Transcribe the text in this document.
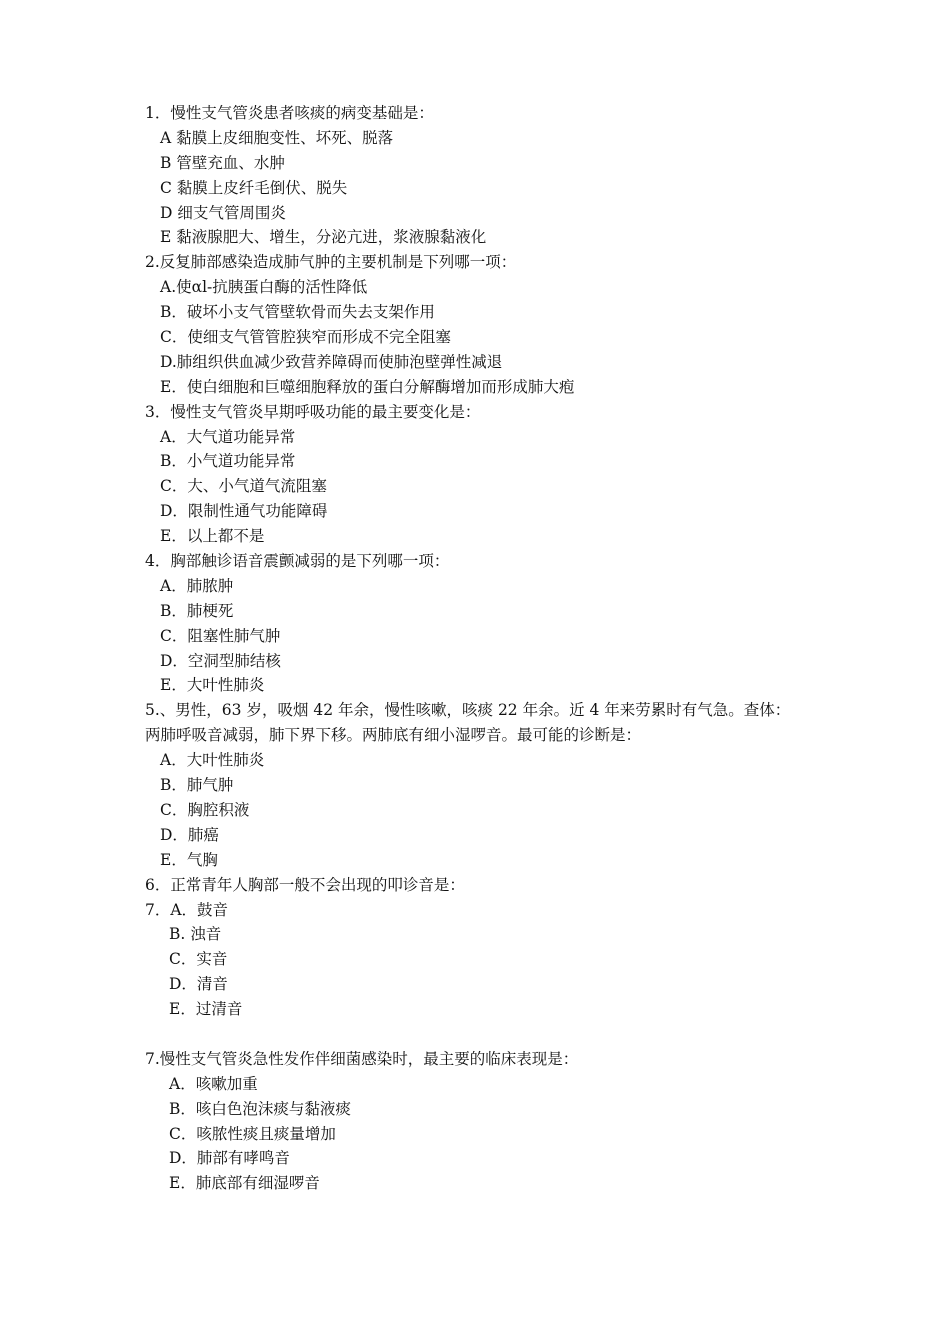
1．慢性支气管炎患者咳痰的病变基础是：
A 黏膜上皮细胞变性、坏死、脱落
B 管壁充血、水肿
C 黏膜上皮纤毛倒伏、脱失
D 细支气管周围炎
E 黏液腺肥大、增生，分泌亢进，浆液腺黏液化
2.反复肺部感染造成肺气肿的主要机制是下列哪一项：
A.使αl-抗胰蛋白酶的活性降低
B．破坏小支气管壁软骨而失去支架作用
C．使细支气管管腔狭窄而形成不完全阻塞
D.肺组织供血减少致营养障碍而使肺泡壁弹性减退
E．使白细胞和巨噬细胞释放的蛋白分解酶增加而形成肺大疱
3．慢性支气管炎早期呼吸功能的最主要变化是：
A．大气道功能异常
B．小气道功能异常
C．大、小气道气流阻塞
D．限制性通气功能障碍
E．以上都不是
4．胸部触诊语音震颤减弱的是下列哪一项：
A．肺脓肿
B．肺梗死
C．阻塞性肺气肿
D．空洞型肺结核
E．大叶性肺炎
5.、男性，63 岁，吸烟 42 年余，慢性咳嗽，咳痰 22 年余。近 4 年来劳累时有气急。查体：
两肺呼吸音减弱，肺下界下移。两肺底有细小湿啰音。最可能的诊断是：
A．大叶性肺炎
B．肺气肿
C．胸腔积液
D．肺癌
E．气胸
6．正常青年人胸部一般不会出现的叩诊音是：
7．A．鼓音
B. 浊音
C．实音
D．清音
E．过清音
7.慢性支气管炎急性发作伴细菌感染时，最主要的临床表现是：
A．咳嗽加重
B．咳白色泡沫痰与黏液痰
C．咳脓性痰且痰量增加
D．肺部有哮鸣音
E．肺底部有细湿啰音
